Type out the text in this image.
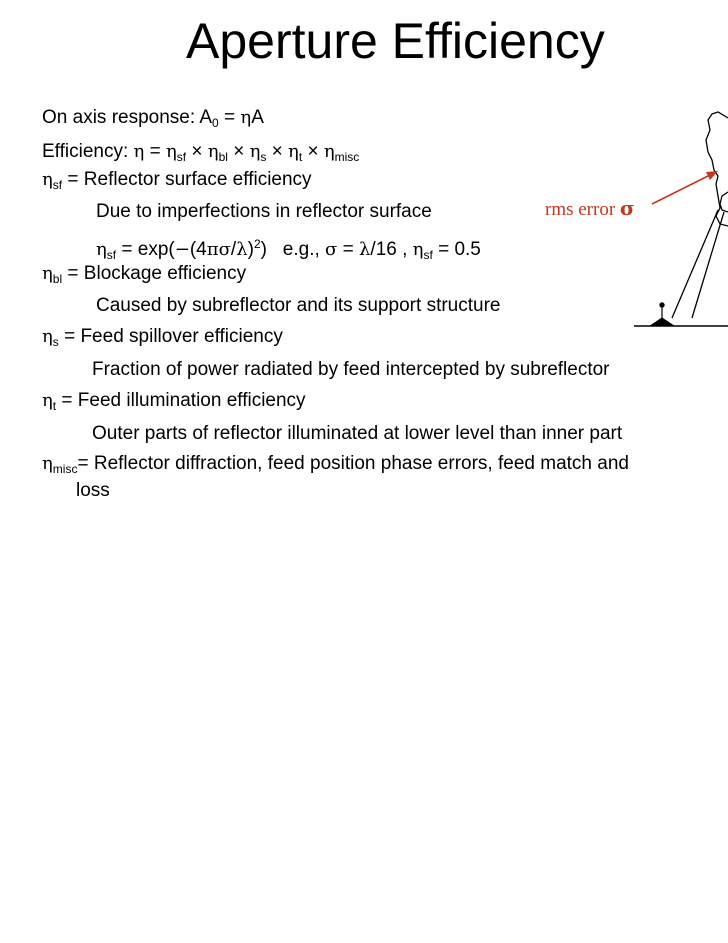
Aperture Efficiency
On axis response: $A_0 = \eta A$
Efficiency: $\eta = \eta_{sf} \times \eta_{bl} \times \eta_s \times \eta_t \times \eta_{misc}$
$\eta_{sf}$ = Reflector surface efficiency
Due to imperfections in reflector surface
$\eta_{sf} = \exp(-(4\pi\sigma/\lambda)^2)$   e.g., σ = λ/16 , $\eta_{sf} = 0.5$
$\eta_{bl}$ = Blockage efficiency
Caused by subreflector and its support structure
$\eta_s$ = Feed spillover efficiency
Fraction of power radiated by feed intercepted by subreflector
$\eta_t$ = Feed illumination efficiency
Outer parts of reflector illuminated at lower level than inner part
$\eta_{misc}=$ Reflector diffraction, feed position phase errors, feed match and
loss
rms error σ
